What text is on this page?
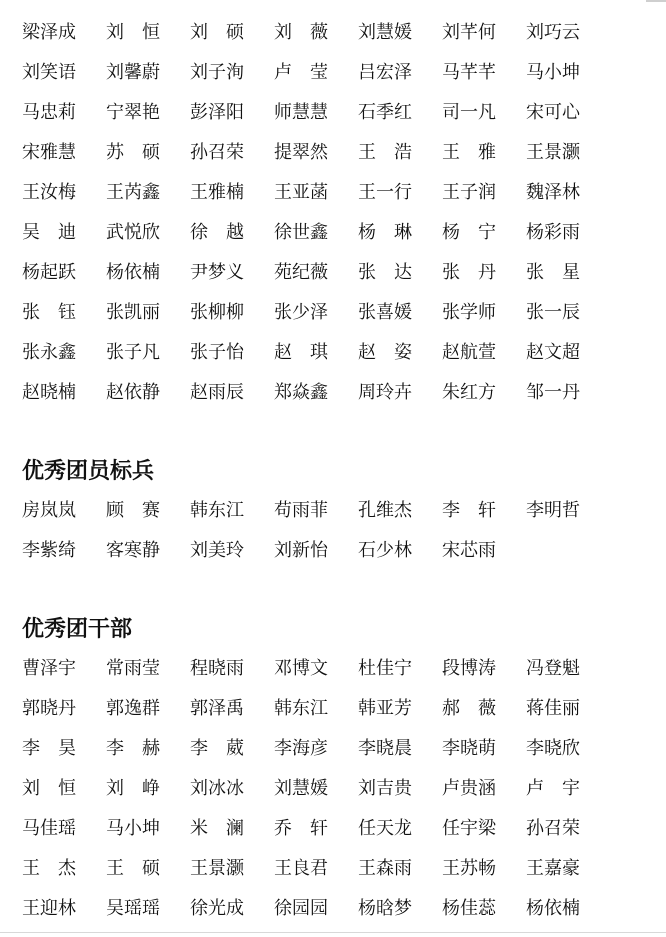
梁泽成	刘　恒	刘　硕	刘　薇	刘慧媛	刘芊何	刘巧云
刘笑语	刘馨蔚	刘子洵	卢　莹	吕宏泽	马芊芊	马小坤
马忠莉	宁翠艳	彭泽阳	师慧慧	石季红	司一凡	宋可心
宋雅慧	苏　硕	孙召荣	提翠然	王　浩	王　雅	王景灏
王汝梅	王芮鑫	王雅楠	王亚菡	王一行	王子润	魏泽林
吴　迪	武悦欣	徐　越	徐世鑫	杨　琳	杨　宁	杨彩雨
杨起跃	杨依楠	尹梦义	苑纪薇	张　达	张　丹	张　星
张　钰	张凯丽	张柳柳	张少泽	张喜媛	张学师	张一辰
张永鑫	张子凡	张子怡	赵　琪	赵　姿	赵航萱	赵文超
赵晓楠	赵依静	赵雨辰	郑焱鑫	周玲卉	朱红方	邹一丹
优秀团员标兵
房岚岚	顾　赛	韩东江	苟雨菲	孔维杰	李　轩	李明哲
李紫绮	客寒静	刘美玲	刘新怡	石少林	宋芯雨
优秀团干部
曹泽宇	常雨莹	程晓雨	邓博文	杜佳宁	段博涛	冯登魁
郭晓丹	郭逸群	郭泽禹	韩东江	韩亚芳	郝　薇	蒋佳丽
李　昊	李　赫	李　葳	李海彦	李晓晨	李晓萌	李晓欣
刘　恒	刘　峥	刘冰冰	刘慧媛	刘吉贵	卢贵涵	卢　宇
马佳瑶	马小坤	米　澜	乔　轩	任天龙	任宇梁	孙召荣
王　杰	王　硕	王景灏	王良君	王森雨	王苏畅	王嘉豪
王迎林	吴瑶瑶	徐光成	徐园园	杨晗梦	杨佳蕊	杨依楠
